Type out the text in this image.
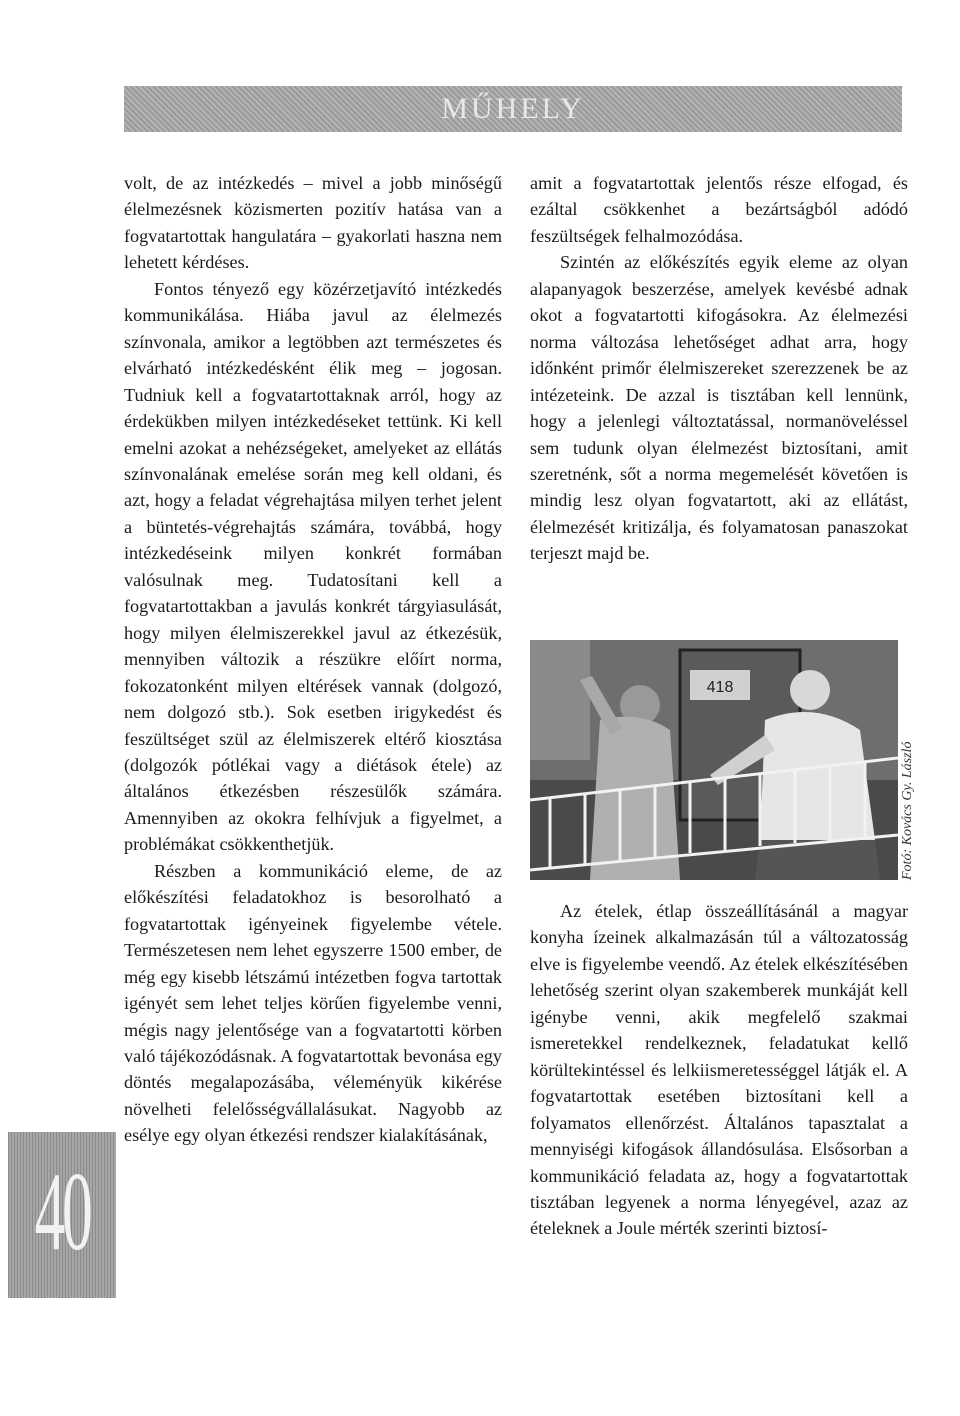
MŰHELY

volt, de az intézkedés – mivel a jobb minőségű élelmezésnek közismerten pozitív hatása van a fogvatartottak hangulatára – gyakorlati haszna nem lehetett kérdéses.

Fontos tényező egy közérzetjavító intézkedés kommunikálása. Hiába javul az élelmezés színvonala, amikor a legtöbben azt természetes és elvárható intézkedésként élik meg – jogosan. Tudniuk kell a fogvatartottaknak arról, hogy az érdekükben milyen intézkedéseket tettünk. Ki kell emelni azokat a nehézségeket, amelyeket az ellátás színvonalának emelése során meg kell oldani, és azt, hogy a feladat végrehajtása milyen terhet jelent a büntetés-végrehajtás számára, továbbá, hogy intézkedéseink milyen konkrét formában valósulnak meg. Tudatosítani kell a fogvatartottakban a javulás konkrét tárgyiasulását, hogy milyen élelmiszerekkel javul az étkezésük, mennyiben változik a részükre előírt norma, fokozatonként milyen eltérések vannak (dolgozó, nem dolgozó stb.). Sok esetben irigykedést és feszültséget szül az élelmiszerek eltérő kiosztása (dolgozók pótlékai vagy a diétások étele) az általános étkezésben részesülők számára. Amennyiben az okokra felhívjuk a figyelmet, a problémákat csökkenthetjük.

Részben a kommunikáció eleme, de az előkészítési feladatokhoz is besorolható a fogvatartottak igényeinek figyelembe vétele. Természetesen nem lehet egyszerre 1500 ember, de még egy kisebb létszámú intézetben fogva tartottak igényét sem lehet teljes körűen figyelembe venni, mégis nagy jelentősége van a fogvatartotti körben való tájékozódásnak. A fogvatartottak bevonása egy döntés megalapozásába, véleményük kikérése növelheti felelősségvállalásukat. Nagyobb az esélye egy olyan étkezési rendszer kialakításának,

amit a fogvatartottak jelentős része elfogad, és ezáltal csökkenhet a bezártságból adódó feszültségek felhalmozódása.

Szintén az előkészítés egyik eleme az olyan alapanyagok beszerzése, amelyek kevésbé adnak okot a fogvatartotti kifogásokra. Az élelmezési norma változása lehetőséget adhat arra, hogy időnként primőr élelmiszereket szerezzenek be az intézeteink. De azzal is tisztában kell lennünk, hogy a jelenlegi változtatással, normanöveléssel sem tudunk olyan élelmezést biztosítani, amit szeretnénk, sőt a norma megemelését követően is mindig lesz olyan fogvatartott, aki az ellátást, élelmezését kritizálja, és folyamatosan panaszokat terjeszt majd be.

418
Fotó: Kovács Gy. László

Az ételek, étlap összeállításánál a magyar konyha ízeinek alkalmazásán túl a változatosság elve is figyelembe veendő. Az ételek elkészítésében lehetőség szerint olyan szakemberek munkáját kell igénybe venni, akik megfelelő szakmai ismeretekkel rendelkeznek, feladatukat kellő körültekintéssel és lelkiismeretességgel látják el. A fogvatartottak esetében biztosítani kell a folyamatos ellenőrzést. Általános tapasztalat a mennyiségi kifogások állandósulása. Elsősorban a kommunikáció feladata az, hogy a fogvatartottak tisztában legyenek a norma lényegével, azaz az ételeknek a Joule mérték szerinti biztosí-

40
